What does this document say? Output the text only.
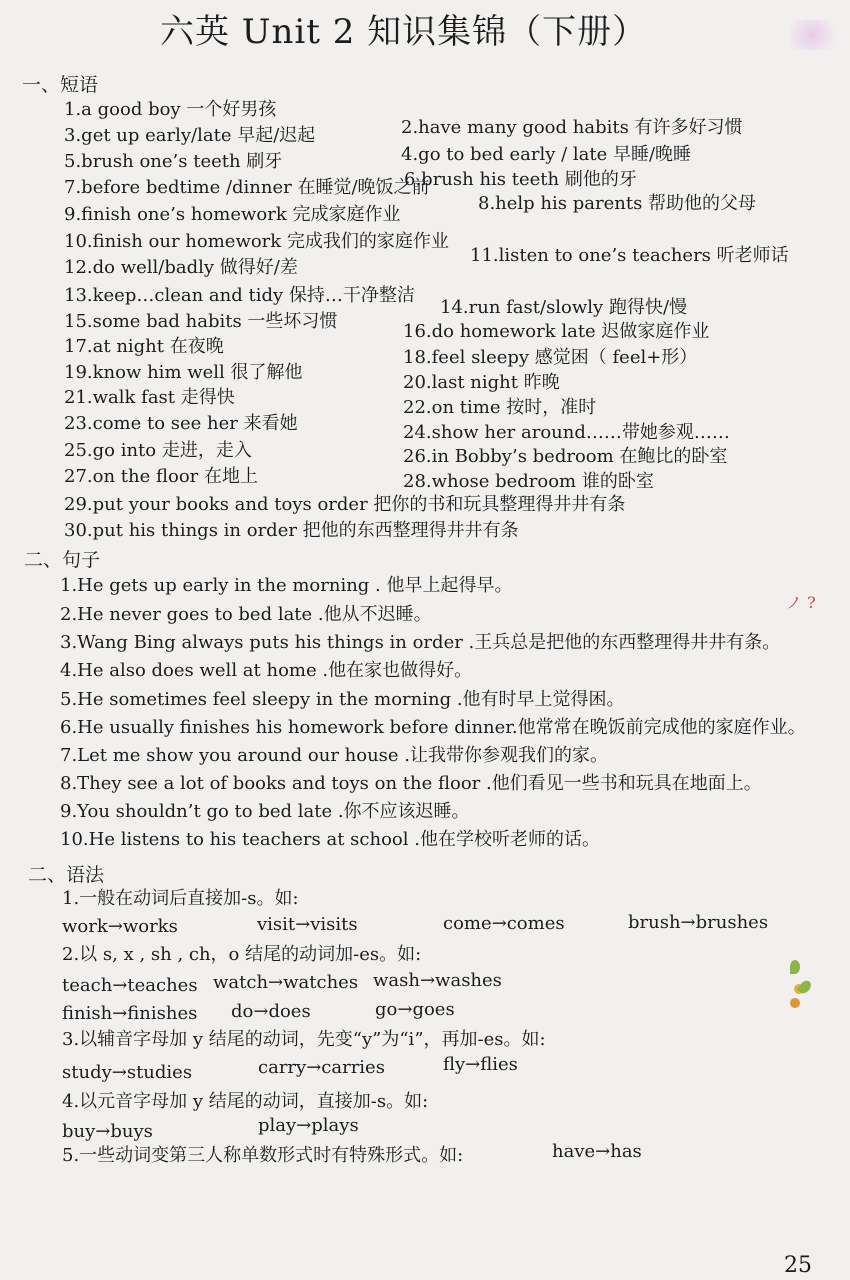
六英 Unit 2 知识集锦（下册）
一、短语
1.a good boy 一个好男孩
2.have many good habits 有许多好习惯
3.get up early/late 早起/迟起
4.go to bed early / late 早睡/晚睡
5.brush one’s teeth 刷牙
6.brush his teeth 刷他的牙
7.before bedtime /dinner 在睡觉/晚饭之前
8.help his parents 帮助他的父母
9.finish one’s homework 完成家庭作业
10.finish our homework 完成我们的家庭作业
11.listen to one’s teachers 听老师话
12.do well/badly 做得好/差
13.keep…clean and tidy 保持…干净整洁
14.run fast/slowly 跑得快/慢
15.some bad habits 一些坏习惯	16.do homework late 迟做家庭作业
17.at night 在夜晚
18.feel sleepy 感觉困（ feel+形）
19.know him well 很了解他	20.last night 昨晚
21.walk fast 走得快	22.on time 按时，准时
23.come to see her 来看她	24.show her around……带她参观……
25.go into 走进，走入	26.in Bobby’s bedroom 在鲍比的卧室
27.on the floor 在地上	28.whose bedroom 谁的卧室
29.put your books and toys order 把你的书和玩具整理得井井有条
30.put his things in order 把他的东西整理得井井有条
二、句子
1.He gets up early in the morning . 他早上起得早。
2.He never goes to bed late .他从不迟睡。
3.Wang Bing always puts his things in order .王兵总是把他的东西整理得井井有条。
4.He also does well at home .他在家也做得好。
5.He sometimes feel sleepy in the morning .他有时早上觉得困。
6.He usually finishes his homework before dinner.他常常在晚饭前完成他的家庭作业。
7.Let me show you around our house .让我带你参观我们的家。
8.They see a lot of books and toys on the floor .他们看见一些书和玩具在地面上。
9.You shouldn’t go to bed late .你不应该迟睡。
10.He listens to his teachers at school .他在学校听老师的话。
ノ ?
二、语法
1.一般在动词后直接加-s。如:
work→works	visit→visits	come→comes	brush→brushes
2.以 s, x , sh , ch，o 结尾的动词加-es。如:
teach→teaches watch→watches wash→washes
finish→finishes do→does	go→goes
3.以辅音字母加 y 结尾的动词，先变“y”为“i”，再加-es。如:
study→studies	carry→carries	fly→flies
4.以元音字母加 y 结尾的动词，直接加-s。如:
buy→buys	play→plays
5.一些动词变第三人称单数形式时有特殊形式。如:	have→has
25
